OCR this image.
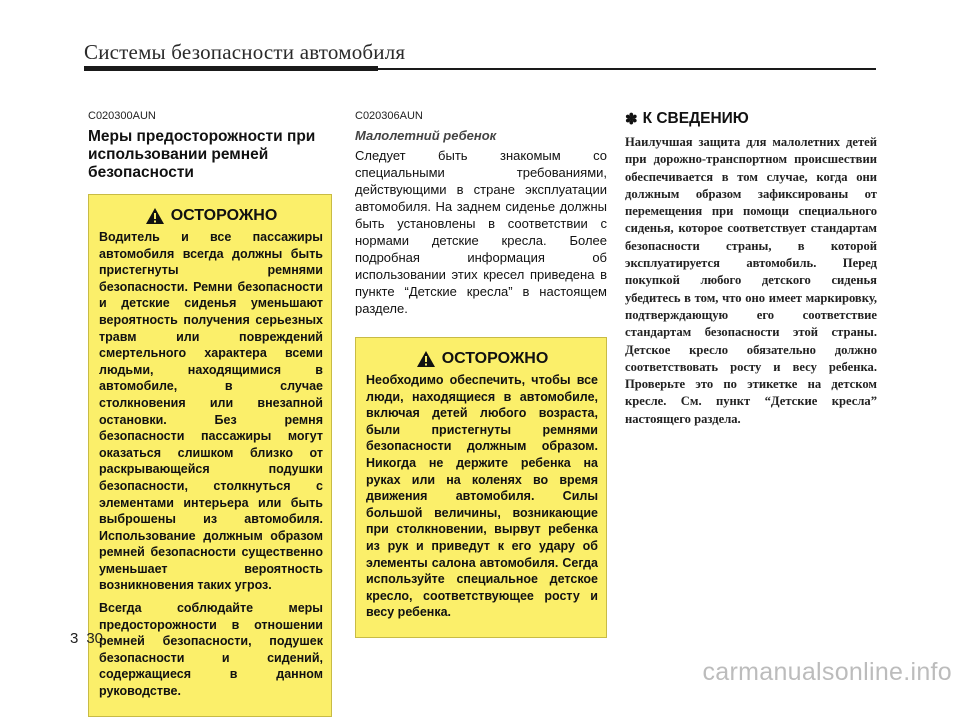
Системы безопасности автомобиля
C020300AUN
Меры предосторожности при использовании ремней безопасности
ОСТОРОЖНО

Водитель и все пассажиры автомобиля всегда должны быть пристегнуты ремнями безопасности. Ремни безопасности и детские сиденья уменьшают вероятность получения серьезных травм или повреждений смертельного характера всеми людьми, находящимися в автомобиле, в случае столкновения или внезапной остановки. Без ремня безопасности пассажиры могут оказаться слишком близко от раскрывающейся подушки безопасности, столкнуться с элементами интерьера или быть выброшены из автомобиля. Использование должным образом ремней безопасности существенно уменьшает вероятность возникновения таких угроз.

Всегда соблюдайте меры предосторожности в отношении ремней безопасности, подушек безопасности и сидений, содержащиеся в данном руководстве.

C020306AUN
Малолетний ребенок

Следует быть знакомым со специальными требованиями, действующими в стране эксплуатации автомобиля. На заднем сиденье должны быть установлены в соответствии с нормами детские кресла. Более подробная информация об использовании этих кресел приведена в пункте “Детские кресла” в настоящем разделе.

ОСТОРОЖНО

Необходимо обеспечить, чтобы все люди, находящиеся в автомобиле, включая детей любого возраста, были пристегнуты ремнями безопасности должным образом. Никогда не держите ребенка на руках или на коленях во время движения автомобиля. Силы большой величины, возникающие при столкновении, вырвут ребенка из рук и приведут к его удару об элементы салона автомобиля. Сегда используйте специальное детское кресло, соответствующее росту и весу ребенка.

✽ К СВЕДЕНИЮ

Наилучшая защита для малолетних детей при дорожно-транспортном происшествии обеспечивается в том случае, когда они должным образом зафиксированы от перемещения при помощи специального сиденья, которое соответствует стандартам безопасности страны, в которой эксплуатируется автомобиль. Перед покупкой любого детского сиденья убедитесь в том, что оно имеет маркировку, подтверждающую его соответствие стандартам безопасности этой страны. Детское кресло обязательно должно соответствовать росту и весу ребенка. Проверьте это по этикетке на детском кресле. См. пункт “Детские кресла” настоящего раздела.

3 30
carmanualsonline.info
